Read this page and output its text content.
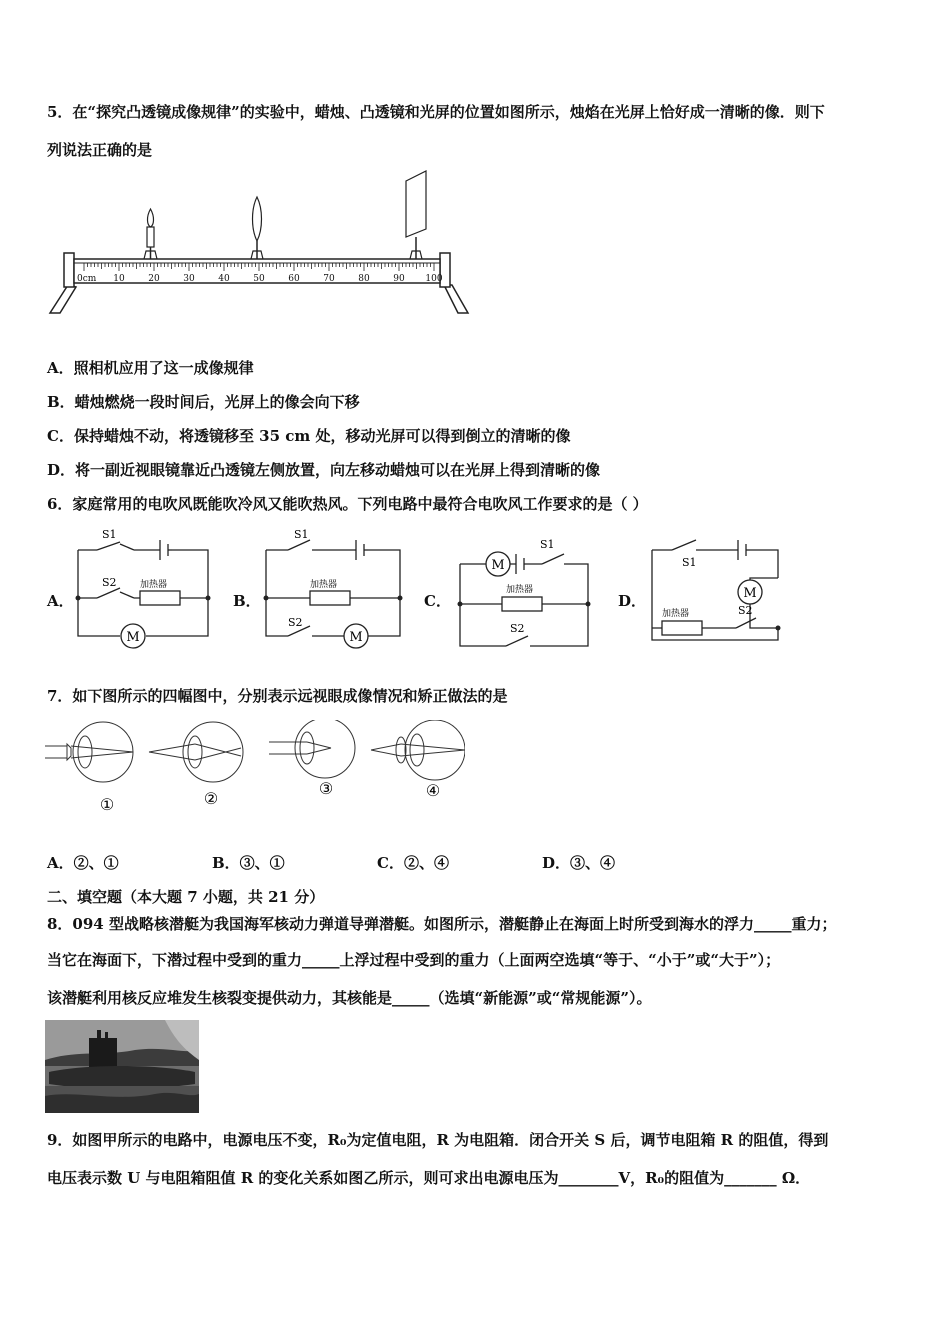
5．在“探究凸透镜成像规律”的实验中，蜡烛、凸透镜和光屏的位置如图所示，烛焰在光屏上恰好成一清晰的像．则下
列说法正确的是
0cm 10	20	30	40	50	60	70	80	90 100
A．照相机应用了这一成像规律
B．蜡烛燃烧一段时间后，光屏上的像会向下移
C．保持蜡烛不动，将透镜移至 35 cm 处，移动光屏可以得到倒立的清晰的像
D．将一副近视眼镜靠近凸透镜左侧放置，向左移动蜡烛可以在光屏上得到清晰的像
6．家庭常用的电吹风既能吹冷风又能吹热风。下列电路中最符合电吹风工作要求的是（ ）
A．	B．	C．	D．
M
加热器
S1
S2
M
加热器
S1
S2
M
加热器
S1
S2
M
加热器
S1
S2
7．如下图所示的四幅图中，分别表示远视眼成像情况和矫正做法的是
①	②
③	④
A．②、①	B．③、①	C．②、④	D．③、④
二、填空题（本大题 7 小题，共 21 分）
8．094 型战略核潜艇为我国海军核动力弹道导弹潜艇。如图所示，潜艇静止在海面上时所受到海水的浮力_____重力；
当它在海面下，下潜过程中受到的重力_____上浮过程中受到的重力（上面两空选填“等于、“小于”或“大于”）；
该潜艇利用核反应堆发生核裂变提供动力，其核能是_____（选填“新能源”或“常规能源”）。
9．如图甲所示的电路中，电源电压不变，R₀为定值电阻，R 为电阻箱．闭合开关 S 后，调节电阻箱 R 的阻值，得到
电压表示数 U 与电阻箱阻值 R 的变化关系如图乙所示，则可求出电源电压为________V，R₀的阻值为_______ Ω．
